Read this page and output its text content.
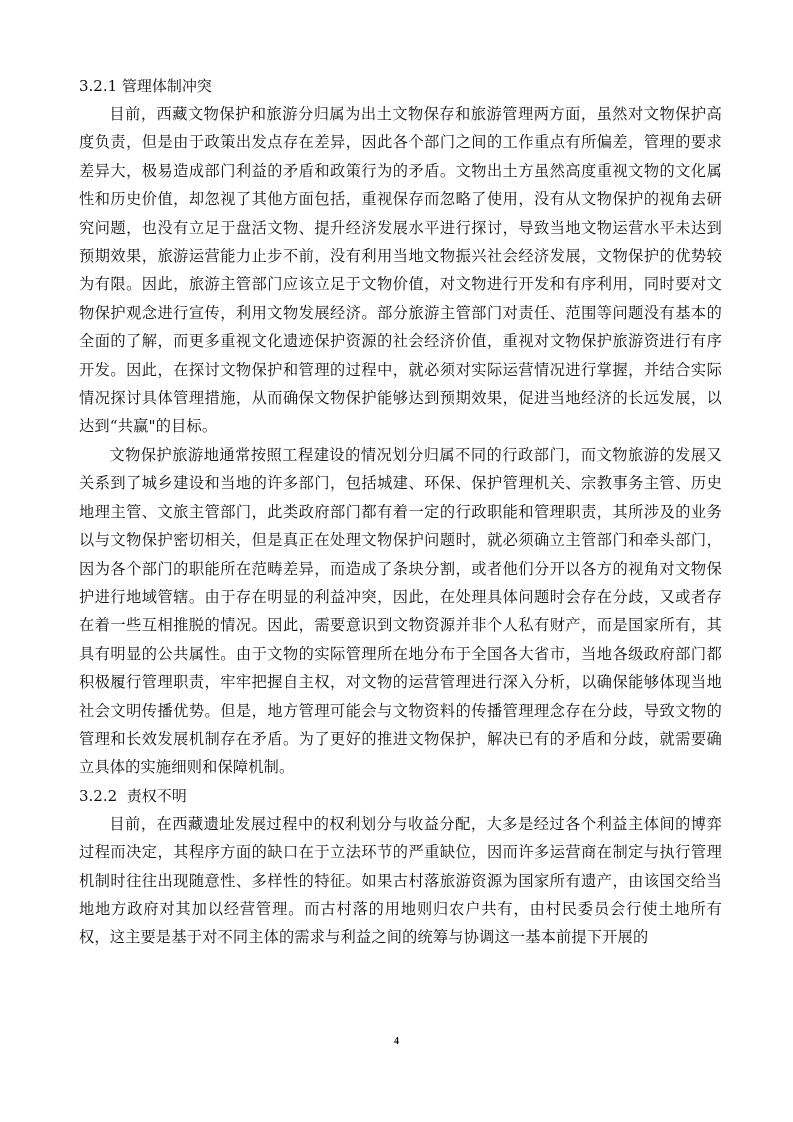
3.2.1 管理体制冲突

目前，西藏文物保护和旅游分归属为出土文物保存和旅游管理两方面，虽然对文物保护高度负责，但是由于政策出发点存在差异，因此各个部门之间的工作重点有所偏差，管理的要求差异大，极易造成部门利益的矛盾和政策行为的矛盾。文物出土方虽然高度重视文物的文化属性和历史价值，却忽视了其他方面包括，重视保存而忽略了使用，没有从文物保护的视角去研究问题，也没有立足于盘活文物、提升经济发展水平进行探讨，导致当地文物运营水平未达到预期效果，旅游运营能力止步不前，没有利用当地文物振兴社会经济发展，文物保护的优势较为有限。因此，旅游主管部门应该立足于文物价值，对文物进行开发和有序利用，同时要对文物保护观念进行宣传，利用文物发展经济。部分旅游主管部门对责任、范围等问题没有基本的全面的了解，而更多重视文化遗迹保护资源的社会经济价值，重视对文物保护旅游资进行有序开发。因此，在探讨文物保护和管理的过程中，就必须对实际运营情况进行掌握，并结合实际情况探讨具体管理措施，从而确保文物保护能够达到预期效果，促进当地经济的长远发展，以达到“共赢"的目标。

文物保护旅游地通常按照工程建设的情况划分归属不同的行政部门，而文物旅游的发展又关系到了城乡建设和当地的许多部门，包括城建、环保、保护管理机关、宗教事务主管、历史地理主管、文旅主管部门，此类政府部门都有着一定的行政职能和管理职责，其所涉及的业务以与文物保护密切相关，但是真正在处理文物保护问题时，就必须确立主管部门和牵头部门，因为各个部门的职能所在范畴差异，而造成了条块分割，或者他们分开以各方的视角对文物保护进行地域管辖。由于存在明显的利益冲突，因此，在处理具体问题时会存在分歧，又或者存在着一些互相推脱的情况。因此，需要意识到文物资源并非个人私有财产，而是国家所有，其具有明显的公共属性。由于文物的实际管理所在地分布于全国各大省市，当地各级政府部门都积极履行管理职责，牢牢把握自主权，对文物的运营管理进行深入分析，以确保能够体现当地社会文明传播优势。但是，地方管理可能会与文物资料的传播管理理念存在分歧，导致文物的管理和长效发展机制存在矛盾。为了更好的推进文物保护，解决已有的矛盾和分歧，就需要确立具体的实施细则和保障机制。

3.2.2  责权不明

目前，在西藏遗址发展过程中的权利划分与收益分配，大多是经过各个利益主体间的博弈过程而决定，其程序方面的缺口在于立法环节的严重缺位，因而许多运营商在制定与执行管理机制时往往出现随意性、多样性的特征。如果古村落旅游资源为国家所有遗产，由该国交给当地地方政府对其加以经营管理。而古村落的用地则归农户共有，由村民委员会行使土地所有权，这主要是基于对不同主体的需求与利益之间的统筹与协调这一基本前提下开展的

4
